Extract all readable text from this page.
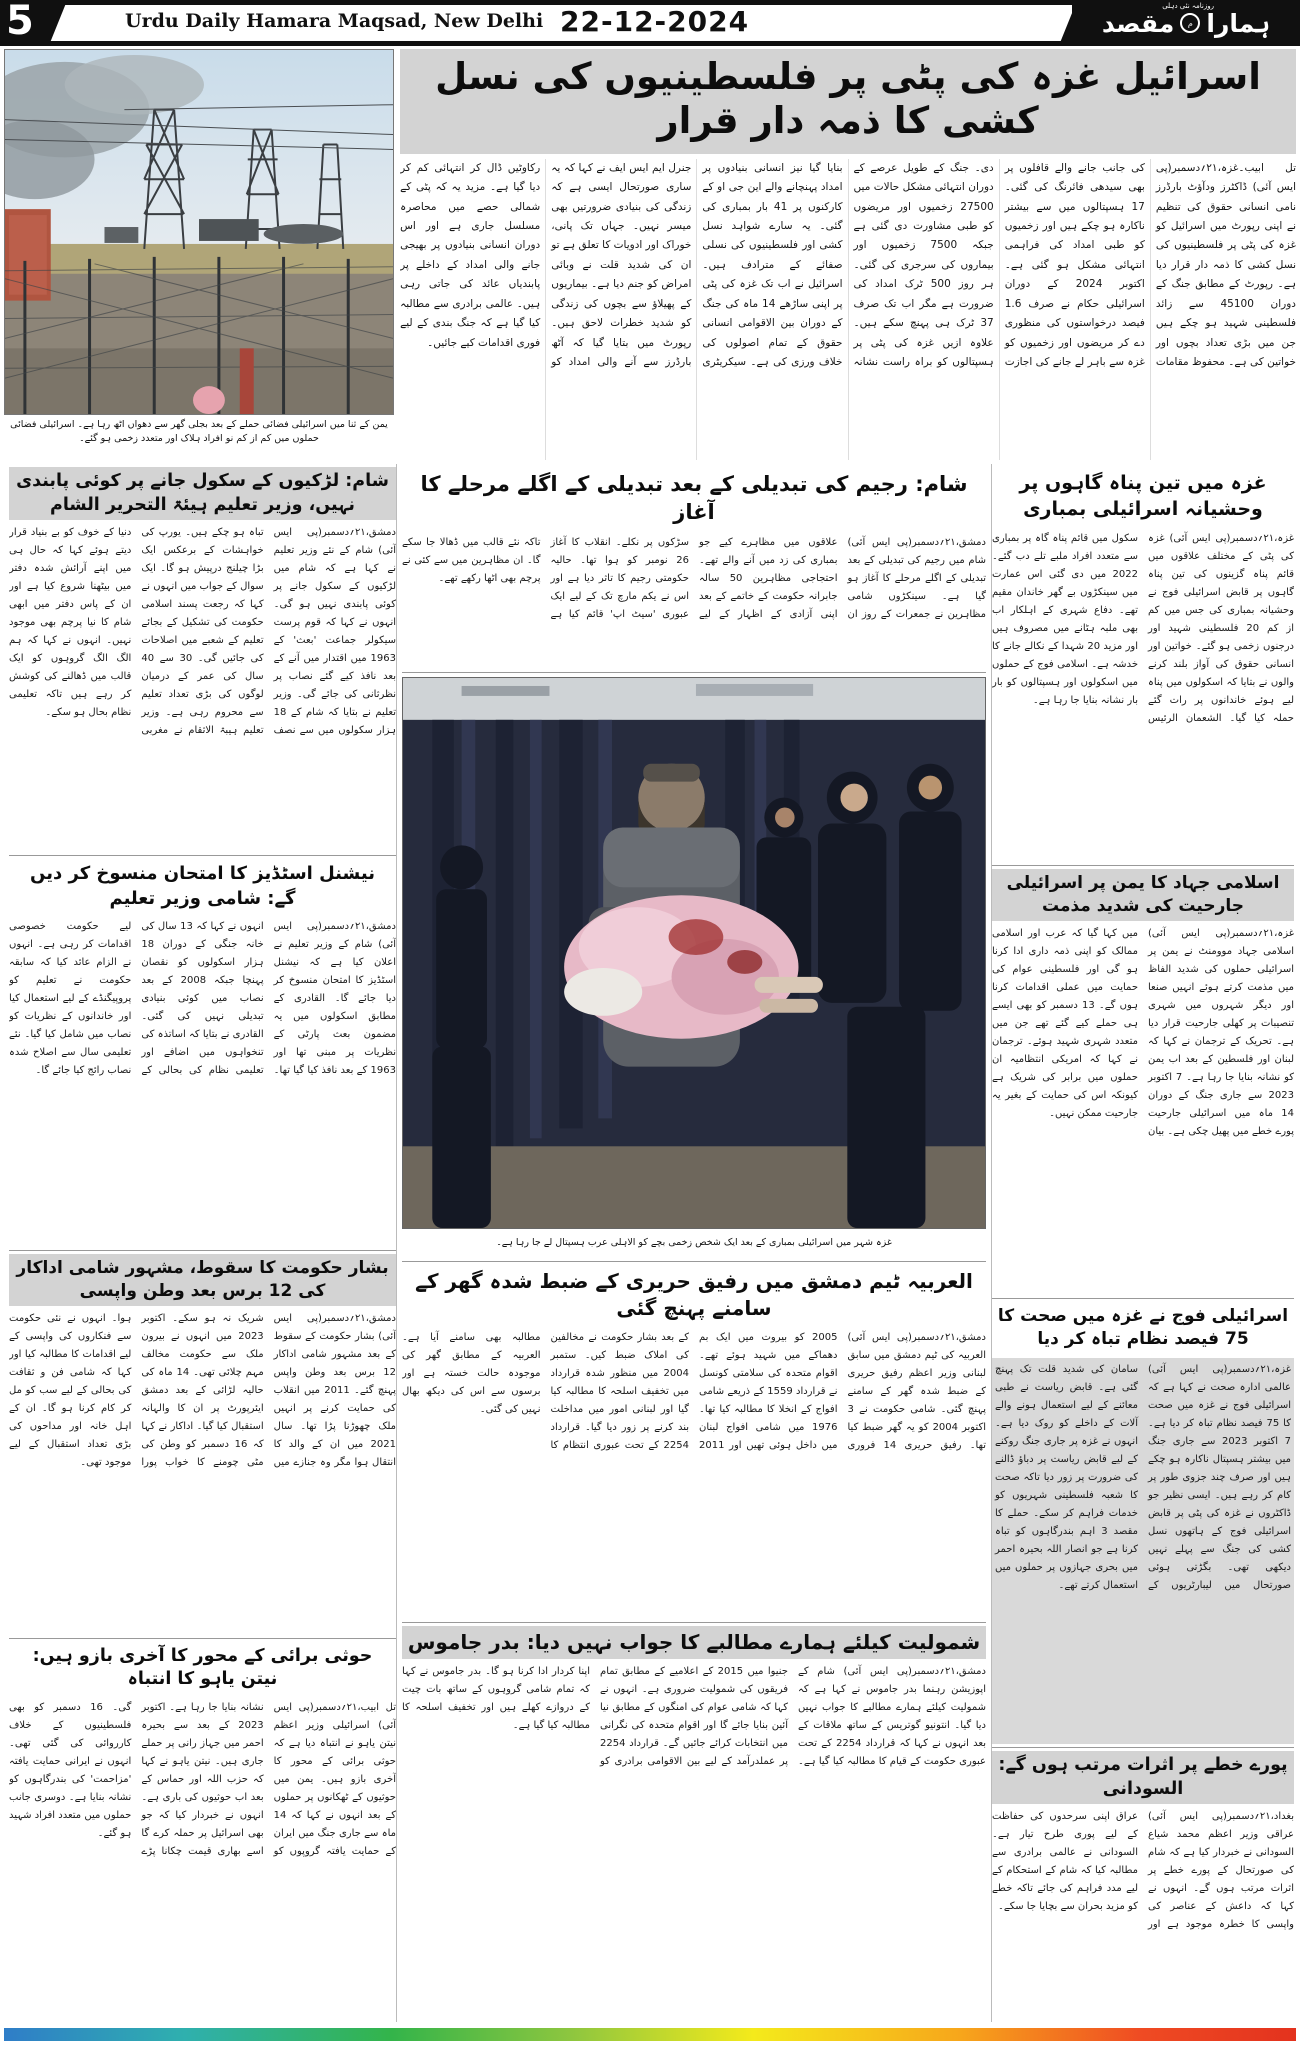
5	Urdu Daily Hamara Maqsad, New Delhi 22-12-2024	ہمارا
م
مقصد
روزنامہ نئی دہلی
یمن کے ثنا میں اسرائیلی فضائی حملے کے بعد بجلی گھر سے دھواں اٹھ رہا ہے۔ اسرائیلی فضائی حملوں میں کم از کم نو افراد ہلاک اور متعدد زخمی ہو گئے۔
اسرائیل غزہ کی پٹی پر فلسطینیوں کی نسل کشی کا ذمہ دار قرار
تل ابیب۔غزہ،۲۱؍دسمبر(پی ایس آئی) ڈاکٹرز ودآؤٹ بارڈرز نامی انسانی حقوق کی تنظیم نے اپنی رپورٹ میں اسرائیل کو غزہ کی پٹی پر فلسطینیوں کی نسل کشی کا ذمہ دار قرار دیا ہے۔ رپورٹ کے مطابق جنگ کے دوران 45100 سے زائد فلسطینی شہید ہو چکے ہیں جن میں بڑی تعداد بچوں اور خواتین کی ہے۔ محفوظ مقامات کی جانب جانے والے قافلوں پر بھی سیدھی فائرنگ کی گئی۔ 17 ہسپتالوں میں سے بیشتر ناکارہ ہو چکے ہیں اور زخمیوں کو طبی امداد کی فراہمی انتہائی مشکل ہو گئی ہے۔ اکتوبر 2024 کے دوران اسرائیلی حکام نے صرف 1.6 فیصد درخواستوں کی منظوری دے کر مریضوں اور زخمیوں کو غزہ سے باہر لے جانے کی اجازت دی۔ جنگ کے طویل عرصے کے دوران انتہائی مشکل حالات میں 27500 زخمیوں اور مریضوں کو طبی مشاورت دی گئی ہے جبکہ 7500 زخمیوں اور بیماروں کی سرجری کی گئی۔ ہر روز 500 ٹرک امداد کی ضرورت ہے مگر اب تک صرف 37 ٹرک ہی پہنچ سکے ہیں۔ علاوہ ازیں غزہ کی پٹی پر ہسپتالوں کو براہ راست نشانہ بنایا گیا نیز انسانی بنیادوں پر امداد پہنچانے والے این جی او کے کارکنوں پر 41 بار بمباری کی گئی۔ یہ سارے شواہد نسل کشی اور فلسطینیوں کی نسلی صفائے کے مترادف ہیں۔ اسرائیل نے اب تک غزہ کی پٹی پر اپنی ساڑھے 14 ماہ کی جنگ کے دوران بین الاقوامی انسانی حقوق کے تمام اصولوں کی خلاف ورزی کی ہے۔ سیکریٹری جنرل ایم ایس ایف نے کہا کہ یہ ساری صورتحال ایسی ہے کہ زندگی کی بنیادی ضرورتیں بھی میسر نہیں۔ جہاں تک پانی، خوراک اور ادویات کا تعلق ہے تو ان کی شدید قلت نے وبائی امراض کو جنم دیا ہے۔ بیماریوں کے پھیلاؤ سے بچوں کی زندگی کو شدید خطرات لاحق ہیں۔ رپورٹ میں بتایا گیا کہ آٹھ بارڈرز سے آنے والی امداد کو رکاوٹیں ڈال کر انتہائی کم کر دیا گیا ہے۔ مزید یہ کہ پٹی کے شمالی حصے میں محاصرہ مسلسل جاری ہے اور اس دوران انسانی بنیادوں پر بھیجی جانے والی امداد کے داخلے پر پابندیاں عائد کی جاتی رہی ہیں۔ عالمی برادری سے مطالبہ کیا گیا ہے کہ جنگ بندی کے لیے فوری اقدامات کیے جائیں۔
شام: لڑکیوں کے سکول جانے پر کوئی پابندی نہیں، وزیر تعلیم ہیئۃ التحریر الشام
دمشق،۲۱؍دسمبر(پی ایس آئی) شام کے نئے وزیر تعلیم نے کہا ہے کہ شام میں لڑکیوں کے سکول جانے پر کوئی پابندی نہیں ہو گی۔ انہوں نے کہا کہ قوم پرست سیکولر جماعت 'بعث' کے 1963 میں اقتدار میں آنے کے بعد نافذ کیے گئے نصاب پر نظرثانی کی جائے گی۔ وزیر تعلیم نے بتایا کہ شام کے 18 ہزار سکولوں میں سے نصف تباہ ہو چکے ہیں۔ یورپ کی خواہشات کے برعکس ایک بڑا چیلنج درپیش ہو گا۔ ایک سوال کے جواب میں انہوں نے کہا کہ رجعت پسند اسلامی حکومت کی تشکیل کے بجائے تعلیم کے شعبے میں اصلاحات کی جائیں گی۔ 30 سے 40 سال کی عمر کے درمیان لوگوں کی بڑی تعداد تعلیم سے محروم رہی ہے۔ وزیر تعلیم ہیبۃ الاثقام نے مغربی دنیا کے خوف کو بے بنیاد قرار دیتے ہوئے کہا کہ حال ہی میں اپنے آرائش شدہ دفتر میں بیٹھنا شروع کیا ہے اور ان کے پاس دفتر میں ابھی شام کا نیا پرچم بھی موجود نہیں۔ انہوں نے کہا کہ ہم الگ الگ گروہوں کو ایک قالب میں ڈھالنے کی کوشش کر رہے ہیں تاکہ تعلیمی نظام بحال ہو سکے۔
نیشنل اسٹڈیز کا امتحان منسوخ کر دیں گے: شامی وزیر تعلیم
دمشق،۲۱؍دسمبر(پی ایس آئی) شام کے وزیر تعلیم نے اعلان کیا ہے کہ نیشنل اسٹڈیز کا امتحان منسوخ کر دیا جائے گا۔ القادری کے مطابق اسکولوں میں یہ مضمون بعث پارٹی کے نظریات پر مبنی تھا اور 1963 کے بعد نافذ کیا گیا تھا۔ انہوں نے کہا کہ 13 سال کی خانہ جنگی کے دوران 18 ہزار اسکولوں کو نقصان پہنچا جبکہ 2008 کے بعد نصاب میں کوئی بنیادی تبدیلی نہیں کی گئی۔ القادری نے بتایا کہ اساتذہ کی تنخواہوں میں اضافے اور تعلیمی نظام کی بحالی کے لیے حکومت خصوصی اقدامات کر رہی ہے۔ انہوں نے الزام عائد کیا کہ سابقہ حکومت نے تعلیم کو پروپیگنڈے کے لیے استعمال کیا اور خاندانوں کے نظریات کو نصاب میں شامل کیا گیا۔ نئے تعلیمی سال سے اصلاح شدہ نصاب رائج کیا جائے گا۔
بشار حکومت کا سقوط، مشہور شامی اداکار کی 12 برس بعد وطن واپسی
دمشق،۲۱؍دسمبر(پی ایس آئی) بشار حکومت کے سقوط کے بعد مشہور شامی اداکار 12 برس بعد وطن واپس پہنچ گئے۔ 2011 میں انقلاب کی حمایت کرنے پر انہیں ملک چھوڑنا پڑا تھا۔ سال 2021 میں ان کے والد کا انتقال ہوا مگر وہ جنازے میں شریک نہ ہو سکے۔ اکتوبر 2023 میں انہوں نے بیرون ملک سے حکومت مخالف مہم چلائی تھی۔ 14 ماہ کی حالیہ لڑائی کے بعد دمشق ایئرپورٹ پر ان کا والہانہ استقبال کیا گیا۔ اداکار نے کہا کہ 16 دسمبر کو وطن کی مٹی چومنے کا خواب پورا ہوا۔ انہوں نے نئی حکومت سے فنکاروں کی واپسی کے لیے اقدامات کا مطالبہ کیا اور کہا کہ شامی فن و ثقافت کی بحالی کے لیے سب کو مل کر کام کرنا ہو گا۔ ان کے اہل خانہ اور مداحوں کی بڑی تعداد استقبال کے لیے موجود تھی۔
حوثی برائی کے محور کا آخری بازو ہیں: نیتن یاہو کا انتباہ
تل ابیب،۲۱؍دسمبر(پی ایس آئی) اسرائیلی وزیر اعظم نیتن یاہو نے انتباہ دیا ہے کہ حوثی برائی کے محور کا آخری بازو ہیں۔ یمن میں حوثیوں کے ٹھکانوں پر حملوں کے بعد انہوں نے کہا کہ 14 ماہ سے جاری جنگ میں ایران کے حمایت یافتہ گروپوں کو نشانہ بنایا جا رہا ہے۔ اکتوبر 2023 کے بعد سے بحیرہ احمر میں جہاز رانی پر حملے جاری ہیں۔ نیتن یاہو نے کہا کہ حزب اللہ اور حماس کے بعد اب حوثیوں کی باری ہے۔ انہوں نے خبردار کیا کہ جو بھی اسرائیل پر حملہ کرے گا اسے بھاری قیمت چکانا پڑے گی۔ 16 دسمبر کو بھی فلسطینیوں کے خلاف کارروائی کی گئی تھی۔ انہوں نے ایرانی حمایت یافتہ 'مزاحمت' کی بندرگاہوں کو نشانہ بنایا ہے۔ دوسری جانب حملوں میں متعدد افراد شہید ہو گئے۔
شام: رجیم کی تبدیلی کے بعد تبدیلی کے اگلے مرحلے کا آغاز
دمشق،۲۱؍دسمبر(پی ایس آئی) شام میں رجیم کی تبدیلی کے بعد تبدیلی کے اگلے مرحلے کا آغاز ہو گیا ہے۔ سینکڑوں شامی مظاہرین نے جمعرات کے روز ان علاقوں میں مظاہرے کیے جو بمباری کی زد میں آنے والے تھے۔ احتجاجی مظاہرین 50 سالہ جابرانہ حکومت کے خاتمے کے بعد اپنی آزادی کے اظہار کے لیے سڑکوں پر نکلے۔ انقلاب کا آغاز 26 نومبر کو ہوا تھا۔ حالیہ حکومتی رجیم کا تاثر دیا ہے اور اس نے یکم مارچ تک کے لیے ایک عبوری 'سیٹ اپ' قائم کیا ہے تاکہ نئے قالب میں ڈھالا جا سکے گا۔ ان مظاہرین میں سے کئی نے پرچم بھی اٹھا رکھے تھے۔
غزہ شہر میں اسرائیلی بمباری کے بعد ایک شخص زخمی بچے کو الاہلی عرب ہسپتال لے جا رہا ہے۔
العربیہ ٹیم دمشق میں رفیق حریری کے ضبط شدہ گھر کے سامنے پہنچ گئی
دمشق،۲۱؍دسمبر(پی ایس آئی) العربیہ کی ٹیم دمشق میں سابق لبنانی وزیر اعظم رفیق حریری کے ضبط شدہ گھر کے سامنے پہنچ گئی۔ شامی حکومت نے 3 اکتوبر 2004 کو یہ گھر ضبط کیا تھا۔ رفیق حریری 14 فروری 2005 کو بیروت میں ایک بم دھماکے میں شہید ہوئے تھے۔ اقوام متحدہ کی سلامتی کونسل نے قرارداد 1559 کے ذریعے شامی افواج کے انخلا کا مطالبہ کیا تھا۔ 1976 میں شامی افواج لبنان میں داخل ہوئی تھیں اور 2011 کے بعد بشار حکومت نے مخالفین کی املاک ضبط کیں۔ ستمبر 2004 میں منظور شدہ قرارداد میں تخفیف اسلحہ کا مطالبہ کیا گیا اور لبنانی امور میں مداخلت بند کرنے پر زور دیا گیا۔ قرارداد 2254 کے تحت عبوری انتظام کا مطالبہ بھی سامنے آیا ہے۔ العربیہ کے مطابق گھر کی موجودہ حالت خستہ ہے اور برسوں سے اس کی دیکھ بھال نہیں کی گئی۔
شمولیت کیلئے ہمارے مطالبے کا جواب نہیں دیا: بدر جاموس
دمشق،۲۱؍دسمبر(پی ایس آئی) شام کے اپوزیشن رہنما بدر جاموس نے کہا ہے کہ شمولیت کیلئے ہمارے مطالبے کا جواب نہیں دیا گیا۔ انتونیو گوتریس کے ساتھ ملاقات کے بعد انہوں نے کہا کہ قرارداد 2254 کے تحت عبوری حکومت کے قیام کا مطالبہ کیا گیا ہے۔ جنیوا میں 2015 کے اعلامیے کے مطابق تمام فریقوں کی شمولیت ضروری ہے۔ انہوں نے کہا کہ شامی عوام کی امنگوں کے مطابق نیا آئین بنایا جائے گا اور اقوام متحدہ کی نگرانی میں انتخابات کرائے جائیں گے۔ قرارداد 2254 پر عملدرآمد کے لیے بین الاقوامی برادری کو اپنا کردار ادا کرنا ہو گا۔ بدر جاموس نے کہا کہ تمام شامی گروہوں کے ساتھ بات چیت کے دروازے کھلے ہیں اور تخفیف اسلحہ کا مطالبہ کیا گیا ہے۔
غزہ میں تین پناہ گاہوں پر وحشیانہ اسرائیلی بمباری
غزہ،۲۱؍دسمبر(پی ایس آئی) غزہ کی پٹی کے مختلف علاقوں میں قائم پناہ گزینوں کی تین پناہ گاہوں پر قابض اسرائیلی فوج نے وحشیانہ بمباری کی جس میں کم از کم 20 فلسطینی شہید اور درجنوں زخمی ہو گئے۔ خواتین اور انسانی حقوق کی آواز بلند کرنے والوں نے بتایا کہ اسکولوں میں پناہ لیے ہوئے خاندانوں پر رات گئے حملہ کیا گیا۔ الشعمان الرئیس سکول میں قائم پناہ گاہ پر بمباری سے متعدد افراد ملبے تلے دب گئے۔ 2022 میں دی گئی اس عمارت میں سینکڑوں بے گھر خاندان مقیم تھے۔ دفاع شہری کے اہلکار اب بھی ملبہ ہٹانے میں مصروف ہیں اور مزید 20 شہدا کے نکالے جانے کا خدشہ ہے۔ اسلامی فوج کے حملوں میں اسکولوں اور ہسپتالوں کو بار بار نشانہ بنایا جا رہا ہے۔
اسلامی جہاد کا یمن پر اسرائیلی جارحیت کی شدید مذمت
غزہ،۲۱؍دسمبر(پی ایس آئی) اسلامی جہاد موومنٹ نے یمن پر اسرائیلی حملوں کی شدید الفاظ میں مذمت کرتے ہوئے انہیں صنعا اور دیگر شہروں میں شہری تنصیبات پر کھلی جارحیت قرار دیا ہے۔ تحریک کے ترجمان نے کہا کہ لبنان اور فلسطین کے بعد اب یمن کو نشانہ بنایا جا رہا ہے۔ 7 اکتوبر 2023 سے جاری جنگ کے دوران 14 ماہ میں اسرائیلی جارحیت پورے خطے میں پھیل چکی ہے۔ بیان میں کہا گیا کہ عرب اور اسلامی ممالک کو اپنی ذمہ داری ادا کرنا ہو گی اور فلسطینی عوام کی حمایت میں عملی اقدامات کرنا ہوں گے۔ 13 دسمبر کو بھی ایسے ہی حملے کیے گئے تھے جن میں متعدد شہری شہید ہوئے۔ ترجمان نے کہا کہ امریکی انتظامیہ ان حملوں میں برابر کی شریک ہے کیونکہ اس کی حمایت کے بغیر یہ جارحیت ممکن نہیں۔
اسرائیلی فوج نے غزہ میں صحت کا 75 فیصد نظام تباہ کر دیا
غزہ،۲۱؍دسمبر(پی ایس آئی) عالمی ادارہ صحت نے کہا ہے کہ اسرائیلی فوج نے غزہ میں صحت کا 75 فیصد نظام تباہ کر دیا ہے۔ 7 اکتوبر 2023 سے جاری جنگ میں بیشتر ہسپتال ناکارہ ہو چکے ہیں اور صرف چند جزوی طور پر کام کر رہے ہیں۔ ایسی نظیر جو ڈاکٹروں نے غزہ کی پٹی پر قابض اسرائیلی فوج کے ہاتھوں نسل کشی کی جنگ سے پہلے نہیں دیکھی تھی۔ بگڑتی ہوئی صورتحال میں لیبارٹریوں کے سامان کی شدید قلت تک پہنچ گئی ہے۔ قابض ریاست نے طبی معائنے کے لیے استعمال ہونے والے آلات کے داخلے کو روک دیا ہے۔ انہوں نے غزہ پر جاری جنگ روکنے کے لیے قابض ریاست پر دباؤ ڈالنے کی ضرورت پر زور دیا تاکہ صحت کا شعبہ فلسطینی شہریوں کو خدمات فراہم کر سکے۔ حملے کا مقصد 3 اہم بندرگاہوں کو تباہ کرنا ہے جو انصار اللہ بحیرہ احمر میں بحری جہازوں پر حملوں میں استعمال کرتے تھے۔
پورے خطے پر اثرات مرتب ہوں گے: السودانی
بغداد،۲۱؍دسمبر(پی ایس آئی) عراقی وزیر اعظم محمد شیاع السودانی نے خبردار کیا ہے کہ شام کی صورتحال کے پورے خطے پر اثرات مرتب ہوں گے۔ انہوں نے کہا کہ داعش کے عناصر کی واپسی کا خطرہ موجود ہے اور عراق اپنی سرحدوں کی حفاظت کے لیے پوری طرح تیار ہے۔ السودانی نے عالمی برادری سے مطالبہ کیا کہ شام کے استحکام کے لیے مدد فراہم کی جائے تاکہ خطے کو مزید بحران سے بچایا جا سکے۔
